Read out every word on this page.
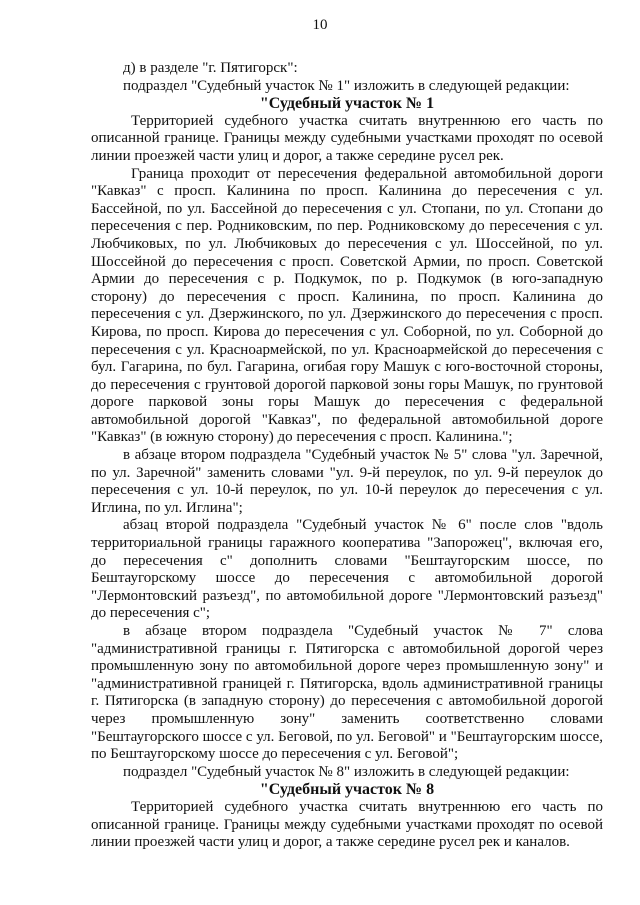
10

д) в разделе "г. Пятигорск":

подраздел "Судебный участок № 1" изложить в следующей редакции:

"Судебный участок № 1

Территорией судебного участка считать внутреннюю его часть по описанной границе. Границы между судебными участками проходят по осевой линии проезжей части улиц и дорог, а также середине русел рек.

Граница проходит от пересечения федеральной автомобильной дороги "Кавказ" с просп. Калинина по просп. Калинина до пересечения с ул. Бассейной, по ул. Бассейной до пересечения с ул. Стопани, по ул. Стопани до пересечения с пер. Родниковским, по пер. Родниковскому до пересечения с ул. Любчиковых, по ул. Любчиковых до пересечения с ул. Шоссейной, по ул. Шоссейной до пересечения с просп. Советской Армии, по просп. Советской Армии до пересечения с р. Подкумок, по р. Подкумок (в юго-западную сторону) до пересечения с просп. Калинина, по просп. Калинина до пересечения с ул. Дзержинского, по ул. Дзержинского до пересечения с просп. Кирова, по просп. Кирова до пересечения с ул. Соборной, по ул. Соборной до пересечения с ул. Красноармейской, по ул. Красноармейской до пересечения с бул. Гагарина, по бул. Гагарина, огибая гору Машук с юго-восточной стороны, до пересечения с грунтовой дорогой парковой зоны горы Машук, по грунтовой дороге парковой зоны горы Машук до пересечения с федеральной автомобильной дорогой "Кавказ", по федеральной автомобильной дороге "Кавказ" (в южную сторону) до пересечения с просп. Калинина.";

в абзаце втором подраздела "Судебный участок № 5" слова "ул. Заречной, по ул. Заречной" заменить словами "ул. 9-й переулок, по ул. 9-й переулок до пересечения с ул. 10-й переулок, по ул. 10-й переулок до пересечения с ул. Иглина, по ул. Иглина";

абзац второй подраздела "Судебный участок № 6" после слов "вдоль территориальной границы гаражного кооператива "Запорожец", включая его, до пересечения с" дополнить словами "Бештаугорским шоссе, по Бештаугорскому шоссе до пересечения с автомобильной дорогой "Лермонтовский разъезд", по автомобильной дороге "Лермонтовский разъезд" до пересечения с";

в абзаце втором подраздела "Судебный участок № 7" слова "административной границы г. Пятигорска с автомобильной дорогой через промышленную зону по автомобильной дороге через промышленную зону" и "административной границей г. Пятигорска, вдоль административной границы г. Пятигорска (в западную сторону) до пересечения с автомобильной дорогой через промышленную зону" заменить соответственно словами "Бештаугорского шоссе с ул. Беговой, по ул. Беговой" и "Бештаугорским шоссе, по Бештаугорскому шоссе до пересечения с ул. Беговой";

подраздел "Судебный участок № 8" изложить в следующей редакции:

"Судебный участок № 8

Территорией судебного участка считать внутреннюю его часть по описанной границе. Границы между судебными участками проходят по осевой линии проезжей части улиц и дорог, а также середине русел рек и каналов.
